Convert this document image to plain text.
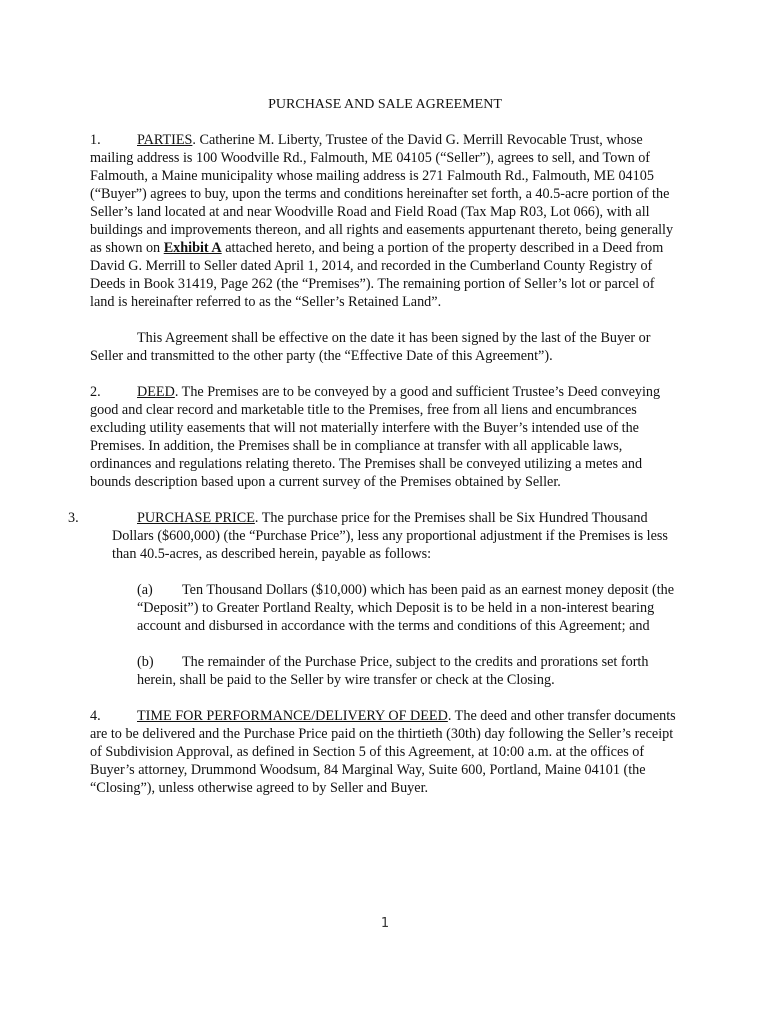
PURCHASE AND SALE AGREEMENT

1.	PARTIES. Catherine M. Liberty, Trustee of the David G. Merrill Revocable Trust, whose mailing address is 100 Woodville Rd., Falmouth, ME 04105 (“Seller”), agrees to sell, and Town of Falmouth, a Maine municipality whose mailing address is 271 Falmouth Rd., Falmouth, ME 04105 (“Buyer”) agrees to buy, upon the terms and conditions hereinafter set forth, a 40.5-acre portion of the Seller’s land located at and near Woodville Road and Field Road (Tax Map R03, Lot 066), with all buildings and improvements thereon, and all rights and easements appurtenant thereto, being generally as shown on Exhibit A attached hereto, and being a portion of the property described in a Deed from David G. Merrill to Seller dated April 1, 2014, and recorded in the Cumberland County Registry of Deeds in Book 31419, Page 262 (the “Premises”). The remaining portion of Seller’s lot or parcel of land is hereinafter referred to as the “Seller’s Retained Land”.

This Agreement shall be effective on the date it has been signed by the last of the Buyer or Seller and transmitted to the other party (the “Effective Date of this Agreement”).

2.	DEED. The Premises are to be conveyed by a good and sufficient Trustee’s Deed conveying good and clear record and marketable title to the Premises, free from all liens and encumbrances excluding utility easements that will not materially interfere with the Buyer’s intended use of the Premises. In addition, the Premises shall be in compliance at transfer with all applicable laws, ordinances and regulations relating thereto. The Premises shall be conveyed utilizing a metes and bounds description based upon a current survey of the Premises obtained by Seller.

3.	PURCHASE PRICE. The purchase price for the Premises shall be Six Hundred Thousand Dollars ($600,000) (the “Purchase Price”), less any proportional adjustment if the Premises is less than 40.5-acres, as described herein, payable as follows:

(a) Ten Thousand Dollars ($10,000) which has been paid as an earnest money deposit (the “Deposit”) to Greater Portland Realty, which Deposit is to be held in a non-interest bearing account and disbursed in accordance with the terms and conditions of this Agreement; and

(b) The remainder of the Purchase Price, subject to the credits and prorations set forth herein, shall be paid to the Seller by wire transfer or check at the Closing.

4.	TIME FOR PERFORMANCE/DELIVERY OF DEED. The deed and other transfer documents are to be delivered and the Purchase Price paid on the thirtieth (30th) day following the Seller’s receipt of Subdivision Approval, as defined in Section 5 of this Agreement, at 10:00 a.m. at the offices of Buyer’s attorney, Drummond Woodsum, 84 Marginal Way, Suite 600, Portland, Maine 04101 (the “Closing”), unless otherwise agreed to by Seller and Buyer.

1
